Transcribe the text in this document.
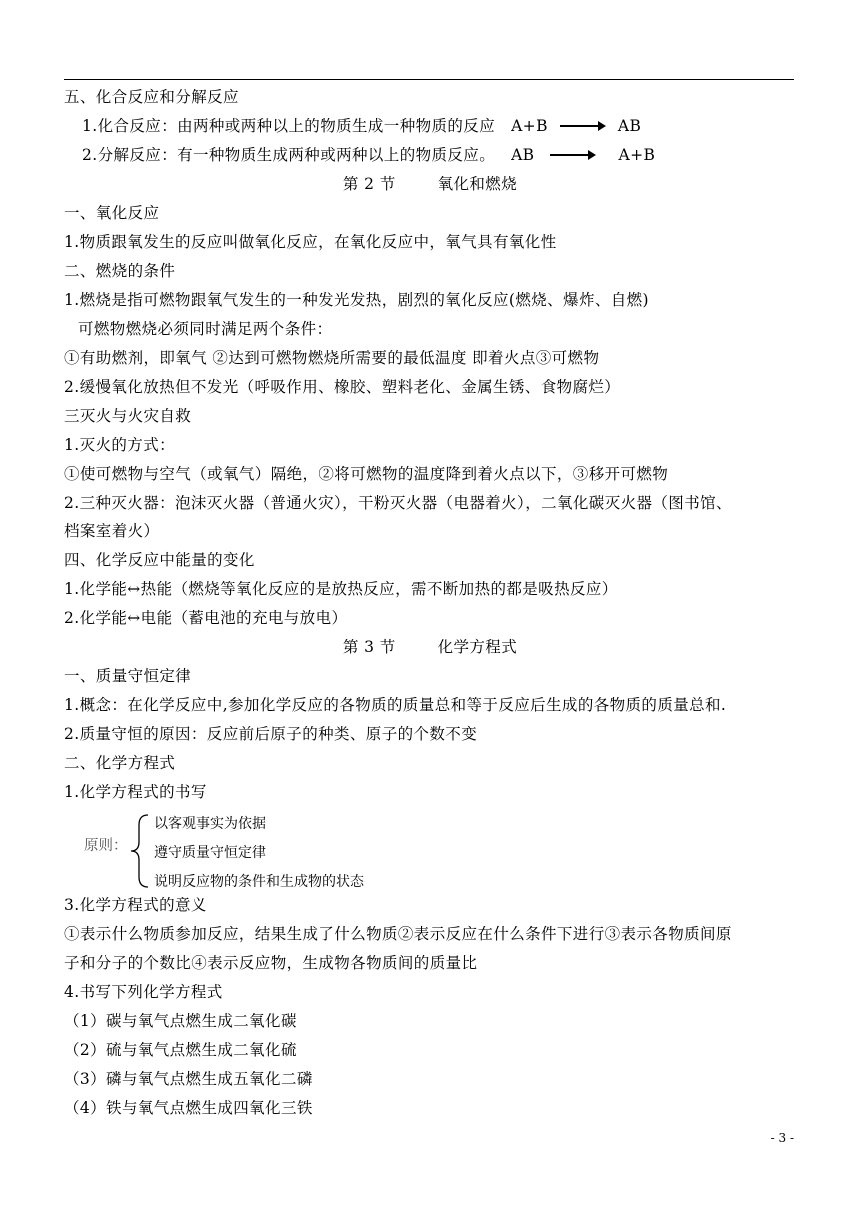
五、化合反应和分解反应
1.化合反应：由两种或两种以上的物质生成一种物质的反应 A+B → AB
2.分解反应：有一种物质生成两种或两种以上的物质反应。 AB → A+B
第 2 节	氧化和燃烧
一、氧化反应
1.物质跟氧发生的反应叫做氧化反应，在氧化反应中，氧气具有氧化性
二、燃烧的条件
1.燃烧是指可燃物跟氧气发生的一种发光发热，剧烈的氧化反应(燃烧、爆炸、自燃)
可燃物燃烧必须同时满足两个条件：
①有助燃剂，即氧气 ②达到可燃物燃烧所需要的最低温度 即着火点③可燃物
2.缓慢氧化放热但不发光（呼吸作用、橡胶、塑料老化、金属生锈、食物腐烂）
三灭火与火灾自救
1.灭火的方式：
①使可燃物与空气（或氧气）隔绝，②将可燃物的温度降到着火点以下，③移开可燃物
2.三种灭火器：泡沫灭火器（普通火灾），干粉灭火器（电器着火），二氧化碳灭火器（图书馆、
档案室着火）
四、化学反应中能量的变化
1.化学能↔热能（燃烧等氧化反应的是放热反应，需不断加热的都是吸热反应）
2.化学能↔电能（蓄电池的充电与放电）
第 3 节	化学方程式
一、质量守恒定律
1.概念：在化学反应中,参加化学反应的各物质的质量总和等于反应后生成的各物质的质量总和.
2.质量守恒的原因：反应前后原子的种类、原子的个数不变
二、化学方程式
1.化学方程式的书写
原则：
以客观事实为依据
遵守质量守恒定律
说明反应物的条件和生成物的状态
3.化学方程式的意义
①表示什么物质参加反应，结果生成了什么物质②表示反应在什么条件下进行③表示各物质间原
子和分子的个数比④表示反应物，生成物各物质间的质量比
4.书写下列化学方程式
（1）碳与氧气点燃生成二氧化碳
（2）硫与氧气点燃生成二氧化硫
（3）磷与氧气点燃生成五氧化二磷
（4）铁与氧气点燃生成四氧化三铁
- 3 -
